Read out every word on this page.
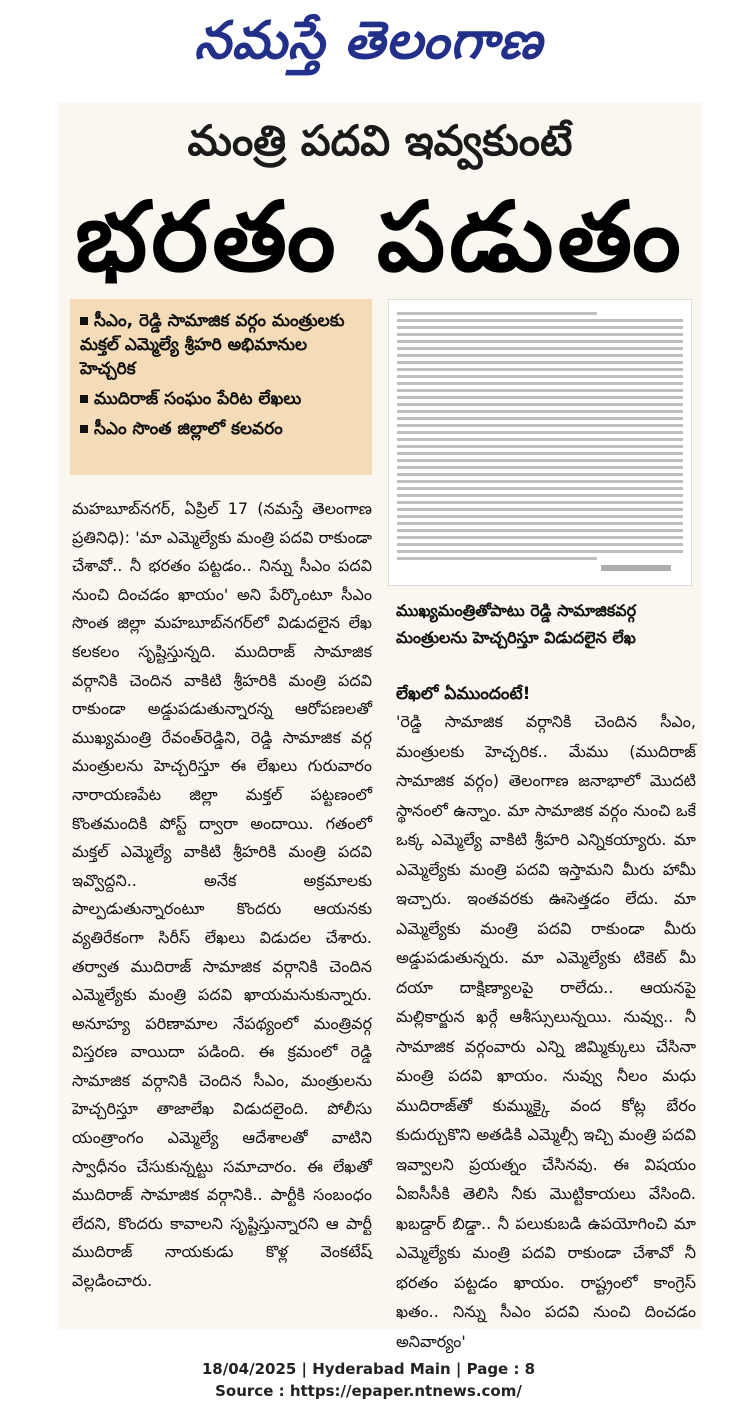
నమస్తే తెలంగాణ
మంత్రి పదవి ఇవ్వకుంటే
భరతం పడుతం
సీఎం, రెడ్డి సామాజిక వర్గం మంత్రులకు మక్తల్ ఎమ్మెల్యే శ్రీహరి అభిమానుల హెచ్చరిక
ముదిరాజ్ సంఘం పేరిట లేఖలు
సీఎం సొంత జిల్లాలో కలవరం
ముఖ్యమంత్రితోపాటు రెడ్డి సామాజికవర్గ మంత్రులను హెచ్చరిస్తూ విడుదలైన లేఖ
మహబూబ్‌నగర్, ఏప్రిల్ 17 (నమస్తే తెలంగాణ ప్రతినిధి): 'మా ఎమ్మెల్యేకు మంత్రి పదవి రాకుండా చేశావో.. నీ భరతం పట్టడం.. నిన్ను సీఎం పదవి నుంచి దించడం ఖాయం' అని పేర్కొంటూ సీఎం సొంత జిల్లా మహబూబ్‌నగర్‌లో విడుదలైన లేఖ కలకలం సృష్టిస్తున్నది. ముదిరాజ్ సామాజిక వర్గానికి చెందిన వాకిటి శ్రీహరికి మంత్రి పదవి రాకుండా అడ్డుపడుతున్నారన్న ఆరోపణలతో ముఖ్యమంత్రి రేవంత్‌రెడ్డిని, రెడ్డి సామాజిక వర్గ మంత్రులను హెచ్చరిస్తూ ఈ లేఖలు గురువారం నారాయణపేట జిల్లా మక్తల్ పట్టణంలో కొంతమందికి పోస్ట్ ద్వారా అందాయి. గతంలో మక్తల్ ఎమ్మెల్యే వాకిటి శ్రీహరికి మంత్రి పదవి ఇవ్వొద్దని.. అనేక అక్రమాలకు పాల్పడుతున్నారంటూ కొందరు ఆయనకు వ్యతిరేకంగా సిరీస్ లేఖలు విడుదల చేశారు. తర్వాత ముదిరాజ్ సామాజిక వర్గానికి చెందిన ఎమ్మెల్యేకు మంత్రి పదవి ఖాయమనుకున్నారు. అనూహ్య పరిణామాల నేపథ్యంలో మంత్రివర్గ విస్తరణ వాయిదా పడింది. ఈ క్రమంలో రెడ్డి సామాజిక వర్గానికి చెందిన సీఎం, మంత్రులను హెచ్చరిస్తూ తాజాలేఖ విడుదలైంది. పోలీసు యంత్రాంగం ఎమ్మెల్యే ఆదేశాలతో వాటిని స్వాధీనం చేసుకున్నట్టు సమాచారం. ఈ లేఖతో ముదిరాజ్ సామాజిక వర్గానికి.. పార్టీకి సంబంధం లేదని, కొందరు కావాలని సృష్టిస్తున్నారని ఆ పార్టీ ముదిరాజ్ నాయకుడు కొళ్ల వెంకటేష్ వెల్లడించారు.
లేఖలో ఏముందంటే!
'రెడ్డి సామాజిక వర్గానికి చెందిన సీఎం, మంత్రులకు హెచ్చరిక.. మేము (ముదిరాజ్ సామాజిక వర్గం) తెలంగాణ జనాభాలో మొదటి స్థానంలో ఉన్నాం. మా సామాజిక వర్గం నుంచి ఒకే ఒక్క ఎమ్మెల్యే వాకిటి శ్రీహరి ఎన్నికయ్యారు. మా ఎమ్మెల్యేకు మంత్రి పదవి ఇస్తామని మీరు హామీ ఇచ్చారు. ఇంతవరకు ఊసెత్తడం లేదు. మా ఎమ్మెల్యేకు మంత్రి పదవి రాకుండా మీరు అడ్డుపడుతున్నరు. మా ఎమ్మెల్యేకు టికెట్ మీ దయా దాక్షిణ్యాలపై రాలేదు.. ఆయనపై మల్లికార్జున ఖర్గే ఆశీస్సులున్నయి. నువ్వు.. నీ సామాజిక వర్గంవారు ఎన్ని జిమ్మిక్కులు చేసినా మంత్రి పదవి ఖాయం. నువ్వు నీలం మధు ముదిరాజ్‌తో కుమ్ముక్కై వంద కోట్ల బేరం కుదుర్చుకొని అతడికి ఎమ్మెల్సీ ఇచ్చి మంత్రి పదవి ఇవ్వాలని ప్రయత్నం చేసినవు. ఈ విషయం ఏఐసీసీకి తెలిసి నీకు మొట్టికాయలు వేసింది. ఖబడ్దార్ బిడ్డా.. నీ పలుకుబడి ఉపయోగించి మా ఎమ్మెల్యేకు మంత్రి పదవి రాకుండా చేశావో నీ భరతం పట్టడం ఖాయం. రాష్ట్రంలో కాంగ్రెస్ ఖతం.. నిన్ను సీఎం పదవి నుంచి దించడం అనివార్యం'
18/04/2025 | Hyderabad Main | Page : 8
Source : https://epaper.ntnews.com/
